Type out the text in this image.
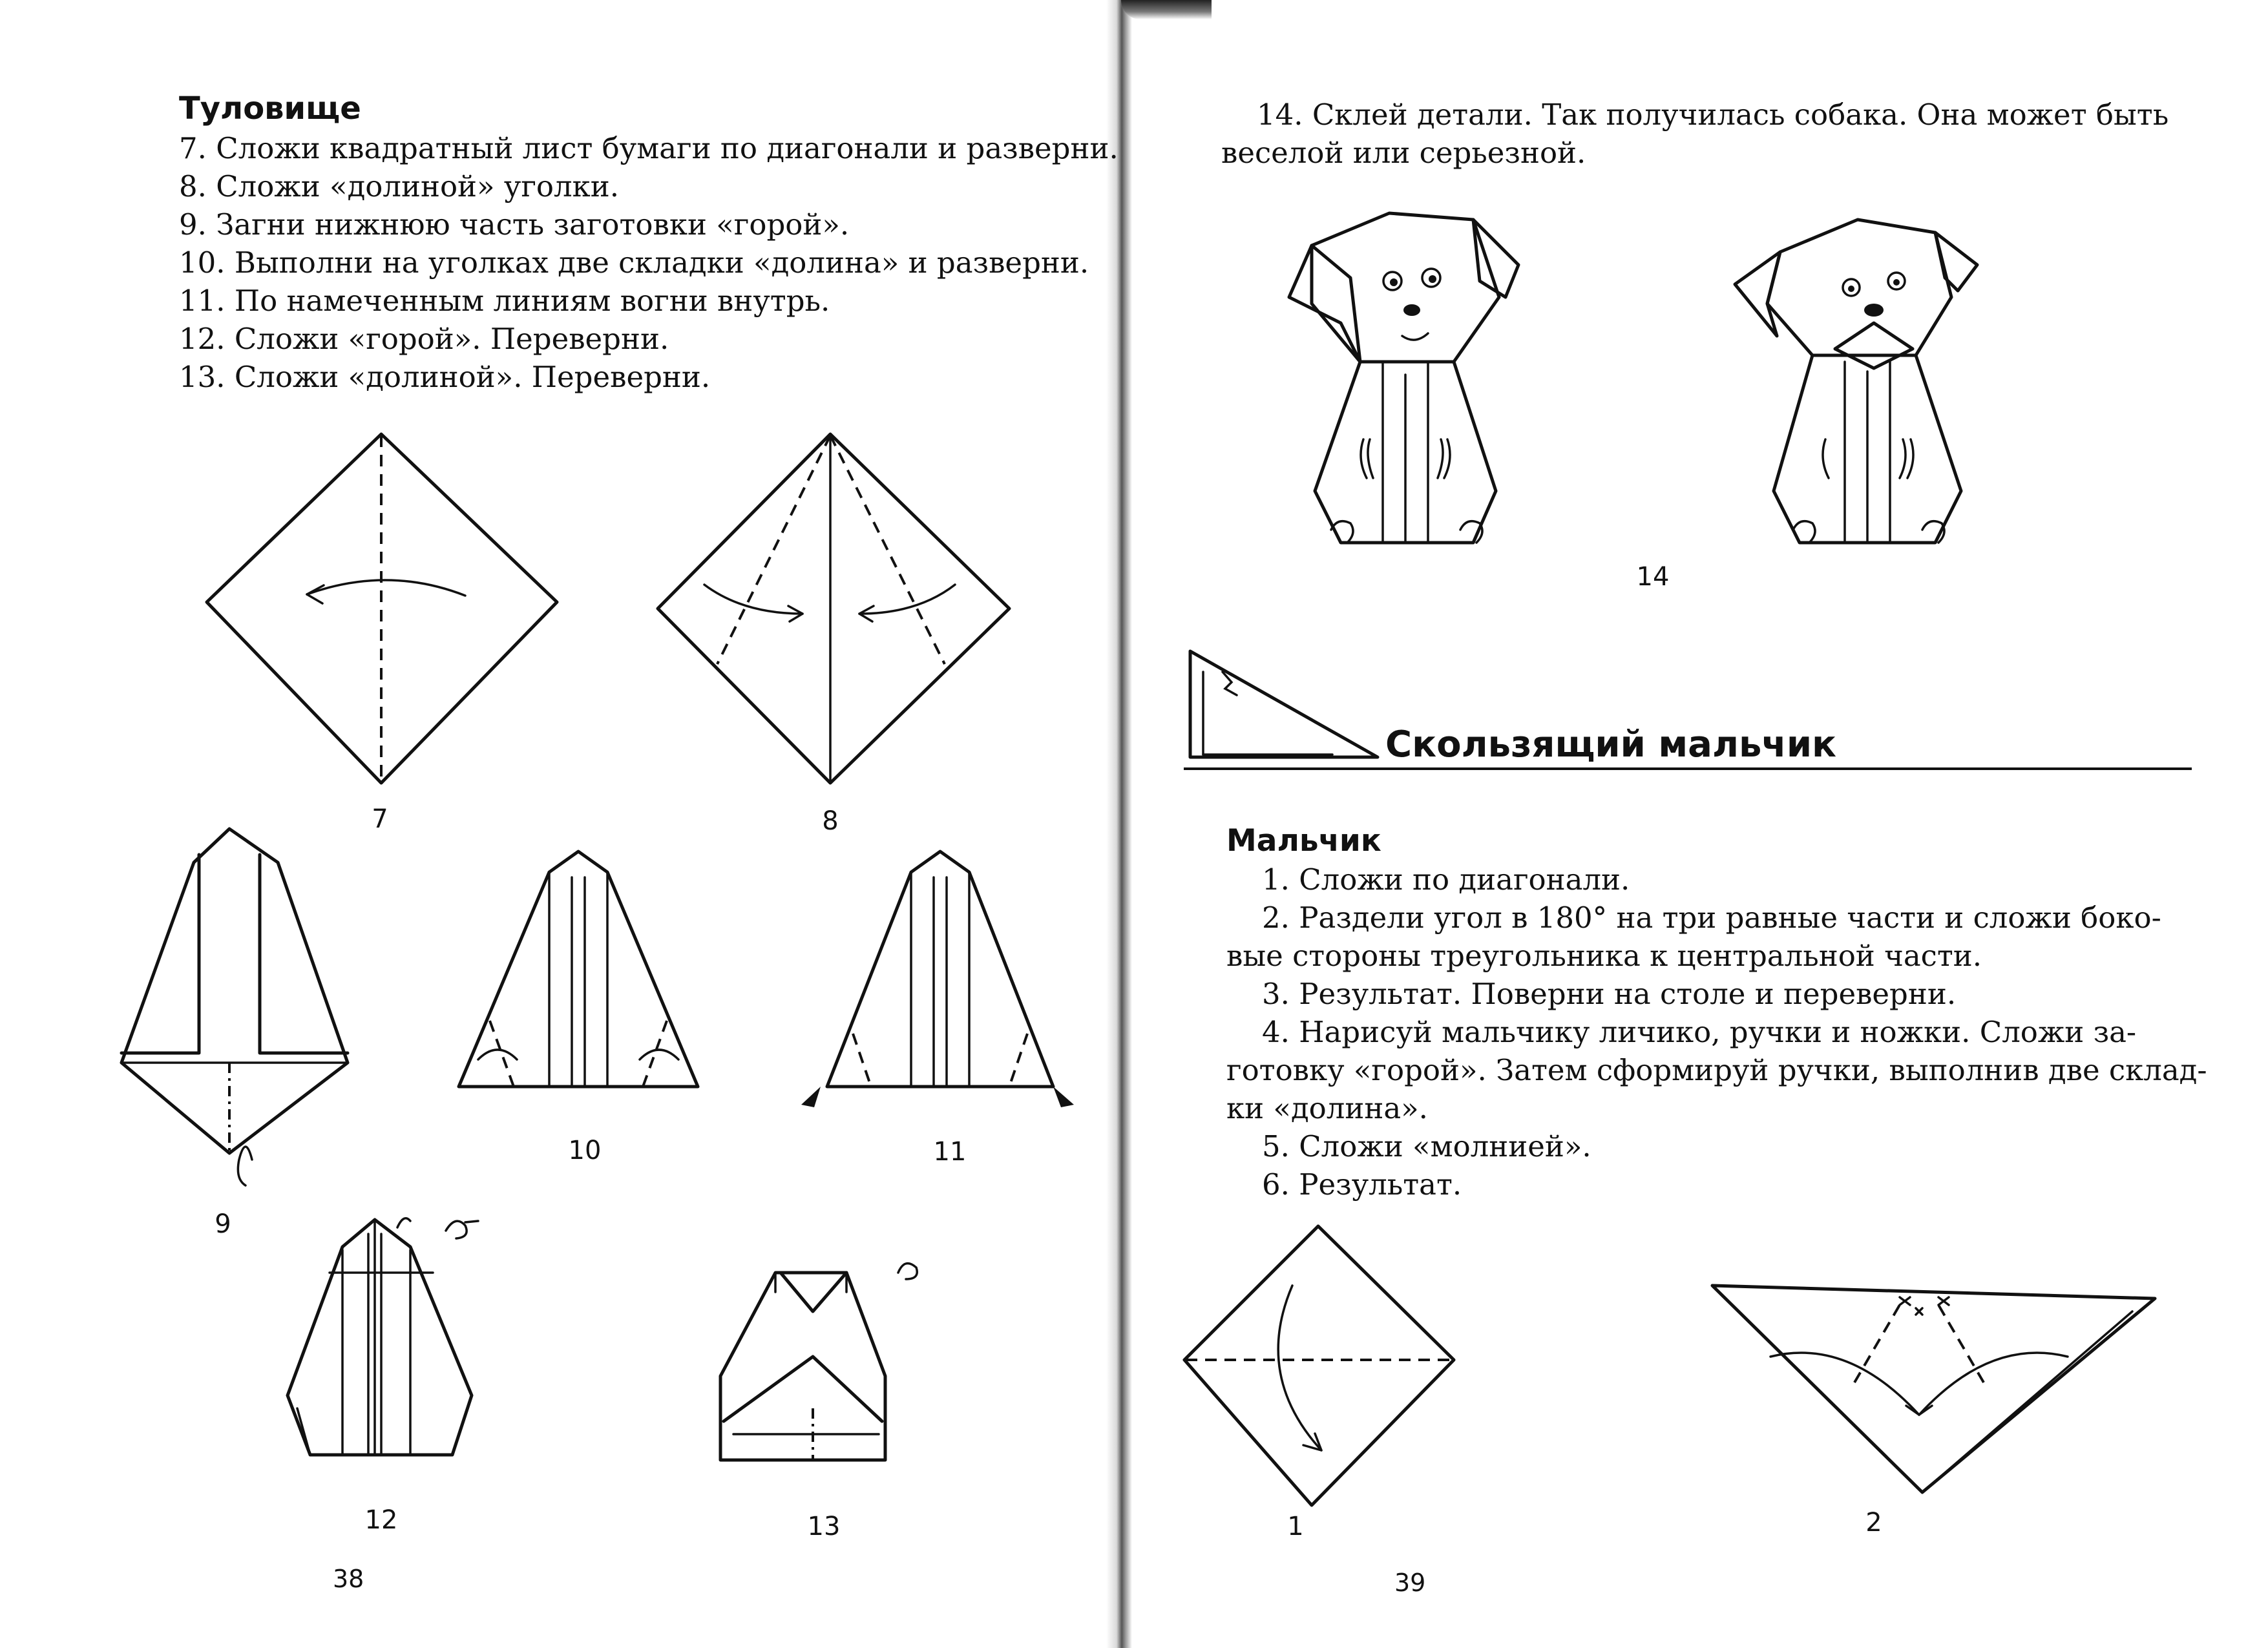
Туловище
7. Сложи квадратный лист бумаги по диагонали и разверни.
8. Сложи «долиной» уголки.
9. Загни нижнюю часть заготовки «горой».
10. Выполни на уголках две складки «долина» и разверни.
11. По намеченным линиям вогни внутрь.
12. Сложи «горой». Переверни.
13. Сложи «долиной». Переверни.
7	8
9
10	11
12	13
38
14. Склей детали. Так получилась собака. Она может быть
веселой или серьезной.
14
Скользящий мальчик
Мальчик
1. Сложи по диагонали.
2. Раздели угол в 180° на три равные части и сложи боко-
вые стороны треугольника к центральной части.
3. Результат. Поверни на столе и переверни.
4. Нарисуй мальчику личико, ручки и ножки. Сложи за-
готовку «горой». Затем сформируй ручки, выполнив две склад-
ки «долина».
5. Сложи «молнией».
6. Результат.
1	2
39
